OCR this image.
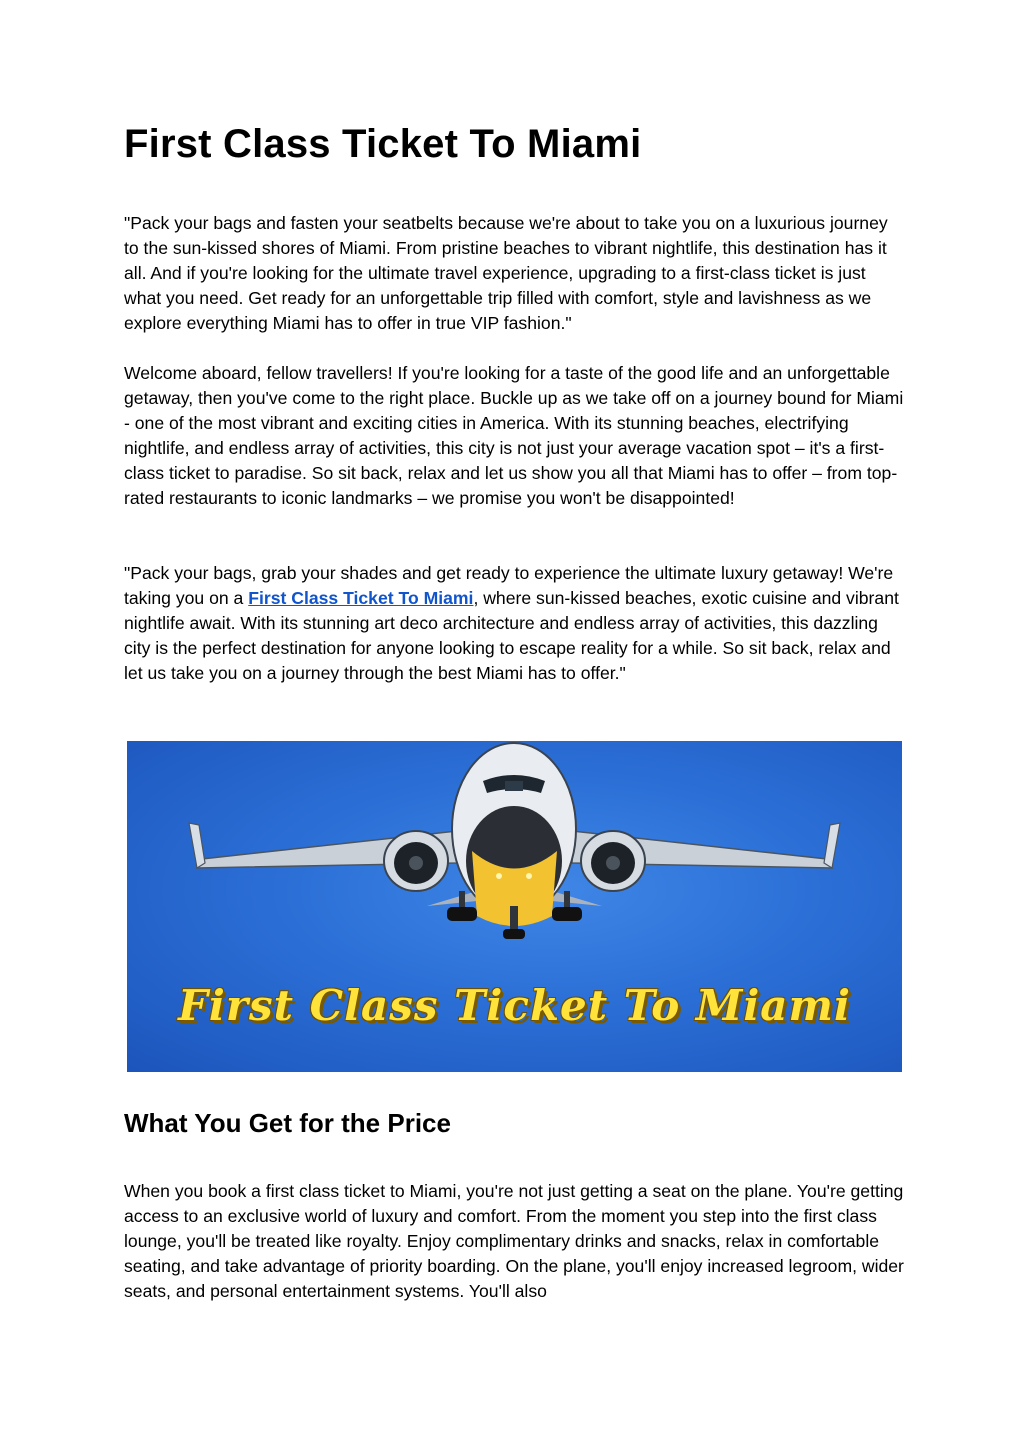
First Class Ticket To Miami

"Pack your bags and fasten your seatbelts because we're about to take you on a luxurious journey to the sun-kissed shores of Miami. From pristine beaches to vibrant nightlife, this destination has it all. And if you're looking for the ultimate travel experience, upgrading to a first-class ticket is just what you need. Get ready for an unforgettable trip filled with comfort, style and lavishness as we explore everything Miami has to offer in true VIP fashion."

Welcome aboard, fellow travellers! If you're looking for a taste of the good life and an unforgettable getaway, then you've come to the right place. Buckle up as we take off on a journey bound for Miami - one of the most vibrant and exciting cities in America. With its stunning beaches, electrifying nightlife, and endless array of activities, this city is not just your average vacation spot – it's a first-class ticket to paradise. So sit back, relax and let us show you all that Miami has to offer – from top-rated restaurants to iconic landmarks – we promise you won't be disappointed!

"Pack your bags, grab your shades and get ready to experience the ultimate luxury getaway! We're taking you on a First Class Ticket To Miami, where sun-kissed beaches, exotic cuisine and vibrant nightlife await. With its stunning art deco architecture and endless array of activities, this dazzling city is the perfect destination for anyone looking to escape reality for a while. So sit back, relax and let us take you on a journey through the best Miami has to offer."

What You Get for the Price

When you book a first class ticket to Miami, you're not just getting a seat on the plane. You're getting access to an exclusive world of luxury and comfort. From the moment you step into the first class lounge, you'll be treated like royalty. Enjoy complimentary drinks and snacks, relax in comfortable seating, and take advantage of priority boarding. On the plane, you'll enjoy increased legroom, wider seats, and personal entertainment systems. You'll also

First Class Ticket To Miami
